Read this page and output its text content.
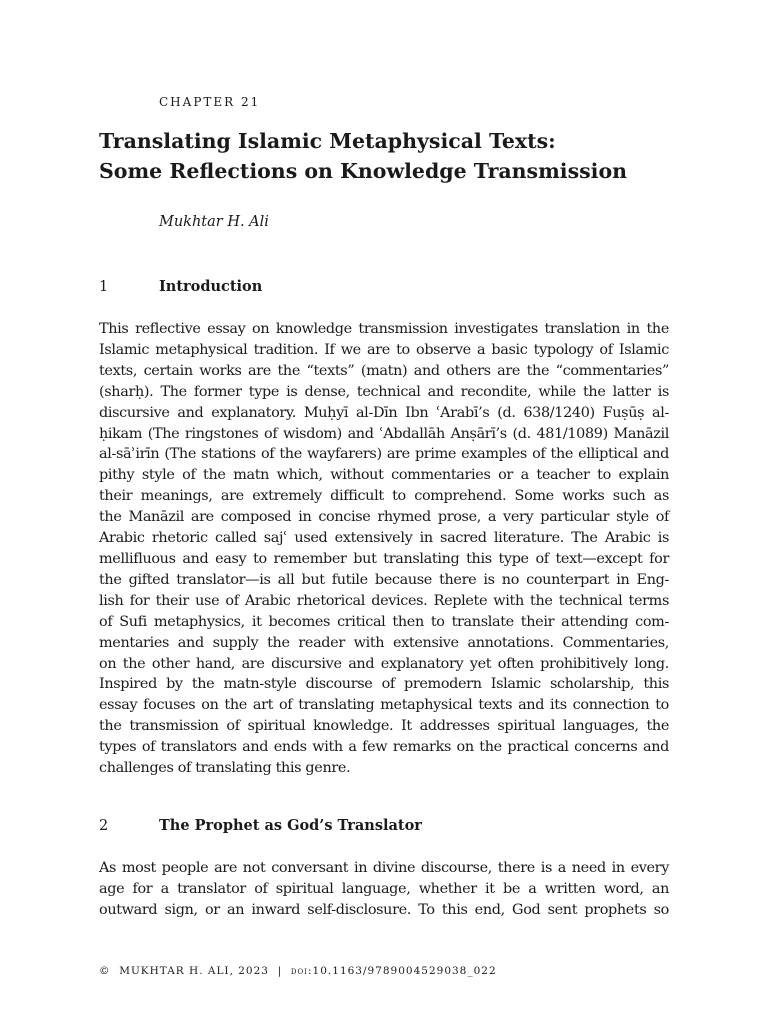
CHAPTER 21
Translating Islamic Metaphysical Texts:
Some Reflections on Knowledge Transmission
Mukhtar H. Ali
1	Introduction
This reflective essay on knowledge transmission investigates translation in the
Islamic metaphysical tradition. If we are to observe a basic typology of Islamic
texts, certain works are the “texts” (matn) and others are the “commentaries”
(sharḥ). The former type is dense, technical and recondite, while the latter is
discursive and explanatory. Muḥyī al-Dīn Ibn ʿArabī’s (d. 638/1240) Fuṣūṣ al-
ḥikam (The ringstones of wisdom) and ʿAbdallāh Anṣārī’s (d. 481/1089) Manāzil
al-sāʾirīn (The stations of the wayfarers) are prime examples of the elliptical and
pithy style of the matn which, without commentaries or a teacher to explain
their meanings, are extremely difficult to comprehend. Some works such as
the Manāzil are composed in concise rhymed prose, a very particular style of
Arabic rhetoric called sajʿ used extensively in sacred literature. The Arabic is
mellifluous and easy to remember but translating this type of text—except for
the gifted translator—is all but futile because there is no counterpart in Eng-
lish for their use of Arabic rhetorical devices. Replete with the technical terms
of Sufi metaphysics, it becomes critical then to translate their attending com-
mentaries and supply the reader with extensive annotations. Commentaries,
on the other hand, are discursive and explanatory yet often prohibitively long.
Inspired by the matn-style discourse of premodern Islamic scholarship, this
essay focuses on the art of translating metaphysical texts and its connection to
the transmission of spiritual knowledge. It addresses spiritual languages, the
types of translators and ends with a few remarks on the practical concerns and
challenges of translating this genre.
2	The Prophet as God’s Translator
As most people are not conversant in divine discourse, there is a need in every
age for a translator of spiritual language, whether it be a written word, an
outward sign, or an inward self-disclosure. To this end, God sent prophets so
© MUKHTAR H. ALI, 2023 | doi:10.1163/9789004529038_022
